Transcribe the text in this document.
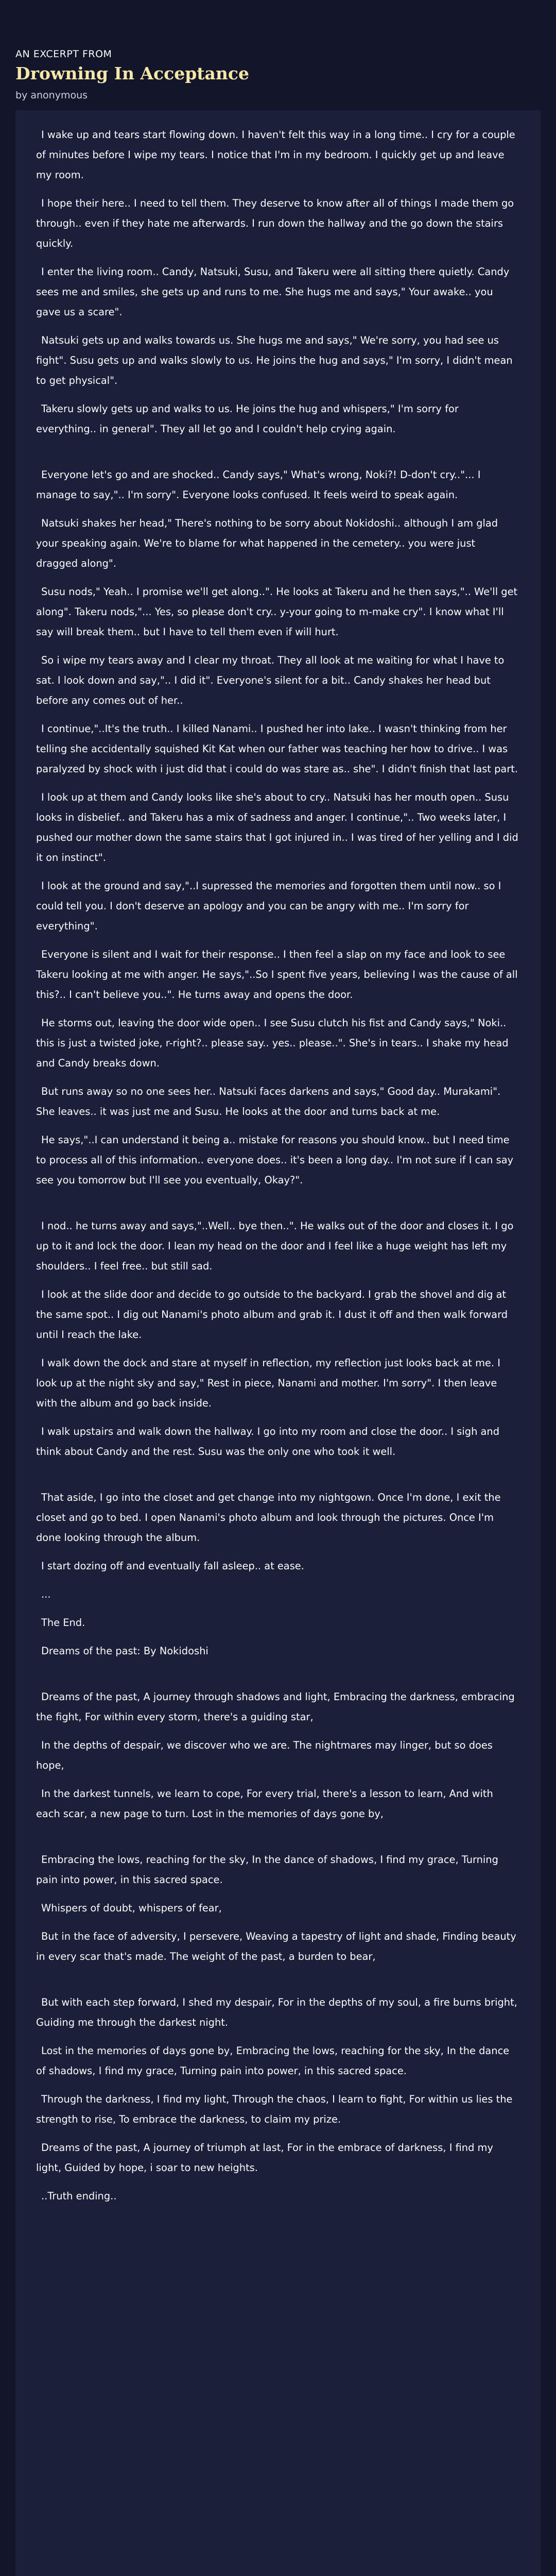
AN EXCERPT FROM
Drowning In Acceptance
by anonymous

I wake up and tears start flowing down. I haven't felt this way in a long time.. I cry for a couple of minutes before I wipe my tears. I notice that I'm in my bedroom. I quickly get up and leave my room.

I hope their here.. I need to tell them. They deserve to know after all of things I made them go through.. even if they hate me afterwards. I run down the hallway and the go down the stairs quickly.

I enter the living room.. Candy, Natsuki, Susu, and Takeru were all sitting there quietly. Candy sees me and smiles, she gets up and runs to me. She hugs me and says," Your awake.. you gave us a scare".

Natsuki gets up and walks towards us. She hugs me and says," We're sorry, you had see us fight". Susu gets up and walks slowly to us. He joins the hug and says," I'm sorry, I didn't mean to get physical".

Takeru slowly gets up and walks to us. He joins the hug and whispers," I'm sorry for everything.. in general". They all let go and I couldn't help crying again.

Everyone let's go and are shocked.. Candy says," What's wrong, Noki?! D-don't cry.."... I manage to say,".. I'm sorry". Everyone looks confused. It feels weird to speak again.

Natsuki shakes her head," There's nothing to be sorry about Nokidoshi.. although I am glad your speaking again. We're to blame for what happened in the cemetery.. you were just dragged along".

Susu nods," Yeah.. I promise we'll get along..". He looks at Takeru and he then says,".. We'll get along". Takeru nods,"... Yes, so please don't cry.. y-your going to m-make cry". I know what I'll say will break them.. but I have to tell them even if will hurt.

So i wipe my tears away and I clear my throat. They all look at me waiting for what I have to sat. I look down and say,".. I did it". Everyone's silent for a bit.. Candy shakes her head but before any comes out of her..

I continue,"..It's the truth.. I killed Nanami.. I pushed her into lake.. I wasn't thinking from her telling she accidentally squished Kit Kat when our father was teaching her how to drive.. I was paralyzed by shock with i just did that i could do was stare as.. she". I didn't finish that last part.

I look up at them and Candy looks like she's about to cry.. Natsuki has her mouth open.. Susu looks in disbelief.. and Takeru has a mix of sadness and anger. I continue,".. Two weeks later, I pushed our mother down the same stairs that I got injured in.. I was tired of her yelling and I did it on instinct".

I look at the ground and say,"..I supressed the memories and forgotten them until now.. so I could tell you. I don't deserve an apology and you can be angry with me.. I'm sorry for everything".

Everyone is silent and I wait for their response.. I then feel a slap on my face and look to see Takeru looking at me with anger. He says,"..So I spent five years, believing I was the cause of all this?.. I can't believe you..". He turns away and opens the door.

He storms out, leaving the door wide open.. I see Susu clutch his fist and Candy says," Noki.. this is just a twisted joke, r-right?.. please say.. yes.. please..". She's in tears.. I shake my head and Candy breaks down.

But runs away so no one sees her.. Natsuki faces darkens and says," Good day.. Murakami". She leaves.. it was just me and Susu. He looks at the door and turns back at me.

He says,"..I can understand it being a.. mistake for reasons you should know.. but I need time to process all of this information.. everyone does.. it's been a long day.. I'm not sure if I can say see you tomorrow but I'll see you eventually, Okay?".

I nod.. he turns away and says,"..Well.. bye then..". He walks out of the door and closes it. I go up to it and lock the door. I lean my head on the door and I feel like a huge weight has left my shoulders.. I feel free.. but still sad.

I look at the slide door and decide to go outside to the backyard. I grab the shovel and dig at the same spot.. I dig out Nanami's photo album and grab it. I dust it off and then walk forward until I reach the lake.

I walk down the dock and stare at myself in reflection, my reflection just looks back at me. I look up at the night sky and say," Rest in piece, Nanami and mother. I'm sorry". I then leave with the album and go back inside.

I walk upstairs and walk down the hallway. I go into my room and close the door.. I sigh and think about Candy and the rest. Susu was the only one who took it well.

That aside, I go into the closet and get change into my nightgown. Once I'm done, I exit the closet and go to bed. I open Nanami's photo album and look through the pictures. Once I'm done looking through the album.

I start dozing off and eventually fall asleep.. at ease.

...

The End.

Dreams of the past: By Nokidoshi

Dreams of the past, A journey through shadows and light, Embracing the darkness, embracing the fight, For within every storm, there's a guiding star,

In the depths of despair, we discover who we are. The nightmares may linger, but so does hope,

In the darkest tunnels, we learn to cope, For every trial, there's a lesson to learn, And with each scar, a new page to turn. Lost in the memories of days gone by,

Embracing the lows, reaching for the sky, In the dance of shadows, I find my grace, Turning pain into power, in this sacred space.

Whispers of doubt, whispers of fear,

But in the face of adversity, I persevere, Weaving a tapestry of light and shade, Finding beauty in every scar that's made. The weight of the past, a burden to bear,

But with each step forward, I shed my despair, For in the depths of my soul, a fire burns bright, Guiding me through the darkest night.

Lost in the memories of days gone by, Embracing the lows, reaching for the sky, In the dance of shadows, I find my grace, Turning pain into power, in this sacred space.

Through the darkness, I find my light, Through the chaos, I learn to fight, For within us lies the strength to rise, To embrace the darkness, to claim my prize.

Dreams of the past, A journey of triumph at last, For in the embrace of darkness, I find my light, Guided by hope, i soar to new heights.

..Truth ending..
